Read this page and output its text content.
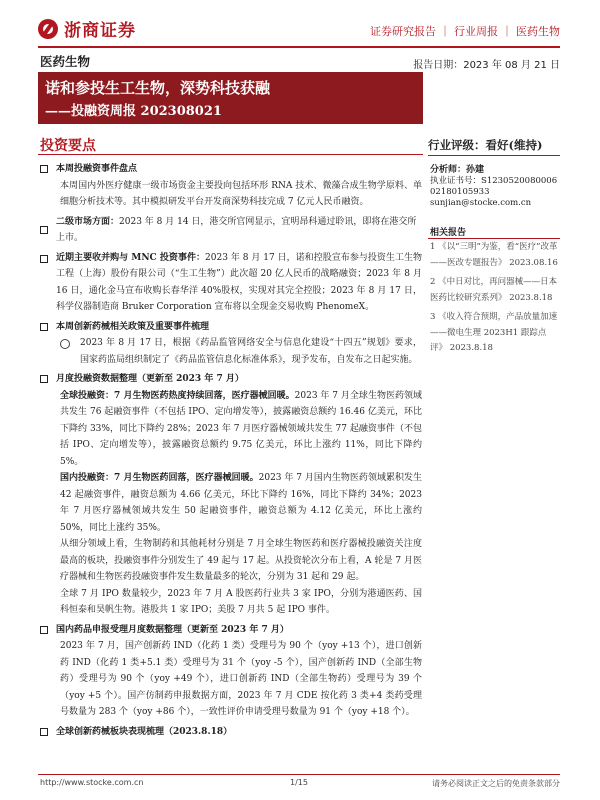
浙商证券	证券研究报告 ｜ 行业周报 ｜ 医药生物
医药生物	报告日期：2023 年 08 月 21 日
诺和参投生工生物，深势科技获融
——投融资周报 202308021
投资要点
本周投融资事件盘点

本周国内外医疗健康一级市场资金主要投向包括环形 RNA 技术、微藻合成生物学原料、单细胞分析技术等。其中模拟研发平台开发商深势科技完成 7 亿元人民币融资。

二级市场方面：2023 年 8 月 14 日，港交所官网显示，宜明昂科通过聆讯，即将在港交所上市。
近期主要收并购与 MNC 投资事件：2023 年 8 月 17 日，诺和控股宣布参与投资生工生物工程（上海）股份有限公司（“生工生物”）此次超 20 亿人民币的战略融资；2023 年 8 月 16 日，通化金马宣布收购长春华洋 40%股权，实现对其完全控股；2023 年 8 月 17 日，科学仪器制造商 Bruker Corporation 宣布将以全现金交易收购 PhenomeX。
本周创新药械相关政策及重要事件梳理
2023 年 8 月 17 日，根据《药品监管网络安全与信息化建设“十四五”规划》要求，国家药监局组织制定了《药品监管信息化标准体系》，现予发布，自发布之日起实施。
月度投融资数据整理（更新至 2023 年 7 月）

全球投融资：7 月生物医药热度持续回落，医疗器械回暖。2023 年 7 月全球生物医药领域共发生 76 起融资事件（不包括 IPO、定向增发等），披露融资总额约 16.46 亿美元，环比下降约 33%，同比下降约 28%；2023 年 7 月医疗器械领域共发生 77 起融资事件（不包括 IPO、定向增发等），披露融资总额约 9.75 亿美元，环比上涨约 11%，同比下降约 5%。

国内投融资：7 月生物医药回落，医疗器械回暖。2023 年 7 月国内生物医药领域累积发生 42 起融资事件，融资总额为 4.66 亿美元，环比下降约 16%，同比下降约 34%；2023 年 7 月医疗器械领域共发生 50 起融资事件，融资总额为 4.12 亿美元，环比上涨约 50%，同比上涨约 35%。

从细分领域上看，生物制药和其他耗材分别是 7 月全球生物医药和医疗器械投融资关注度最高的板块，投融资事件分别发生了 49 起与 17 起。从投资轮次分布上看，A 轮是 7 月医疗器械和生物医药投融资事件发生数量最多的轮次，分别为 31 起和 29 起。

全球 7 月 IPO 数量较少，2023 年 7 月 A 股医药行业共 3 家 IPO，分别为港通医药、国科恒泰和昊帆生物。港股共 1 家 IPO；美股 7 月共 5 起 IPO 事件。

国内药品申报受理月度数据整理（更新至 2023 年 7 月）

2023 年 7 月，国产创新药 IND（化药 1 类）受理号为 90 个（yoy +13 个），进口创新药 IND（化药 1 类+5.1 类）受理号为 31 个（yoy -5 个），国产创新药 IND（全部生物药）受理号为 90 个（yoy +49 个），进口创新药 IND（全部生物药）受理号为 39 个（yoy +5 个）。国产仿制药申报数据方面，2023 年 7 月 CDE 按化药 3 类+4 类药受理号数量为 283 个（yoy +86 个），一致性评价申请受理号数量为 91 个（yoy +18 个）。

全球创新药械板块表现梳理（2023.8.18）
行业评级：看好(维持)
分析师：孙建
执业证书号：S1230520080006
02180105933
sunjian@stocke.com.cn
相关报告
1 《以“三明”为鉴，看“医疗”改革——医改专题报告》 2023.08.16
2 《中日对比，再问器械——日本医药比较研究系列》 2023.8.18
3 《收入符合预期，产品放量加速——微电生理 2023H1 跟踪点评》 2023.8.18
http://www.stocke.com.cn	1/15	请务必阅读正文之后的免责条款部分
